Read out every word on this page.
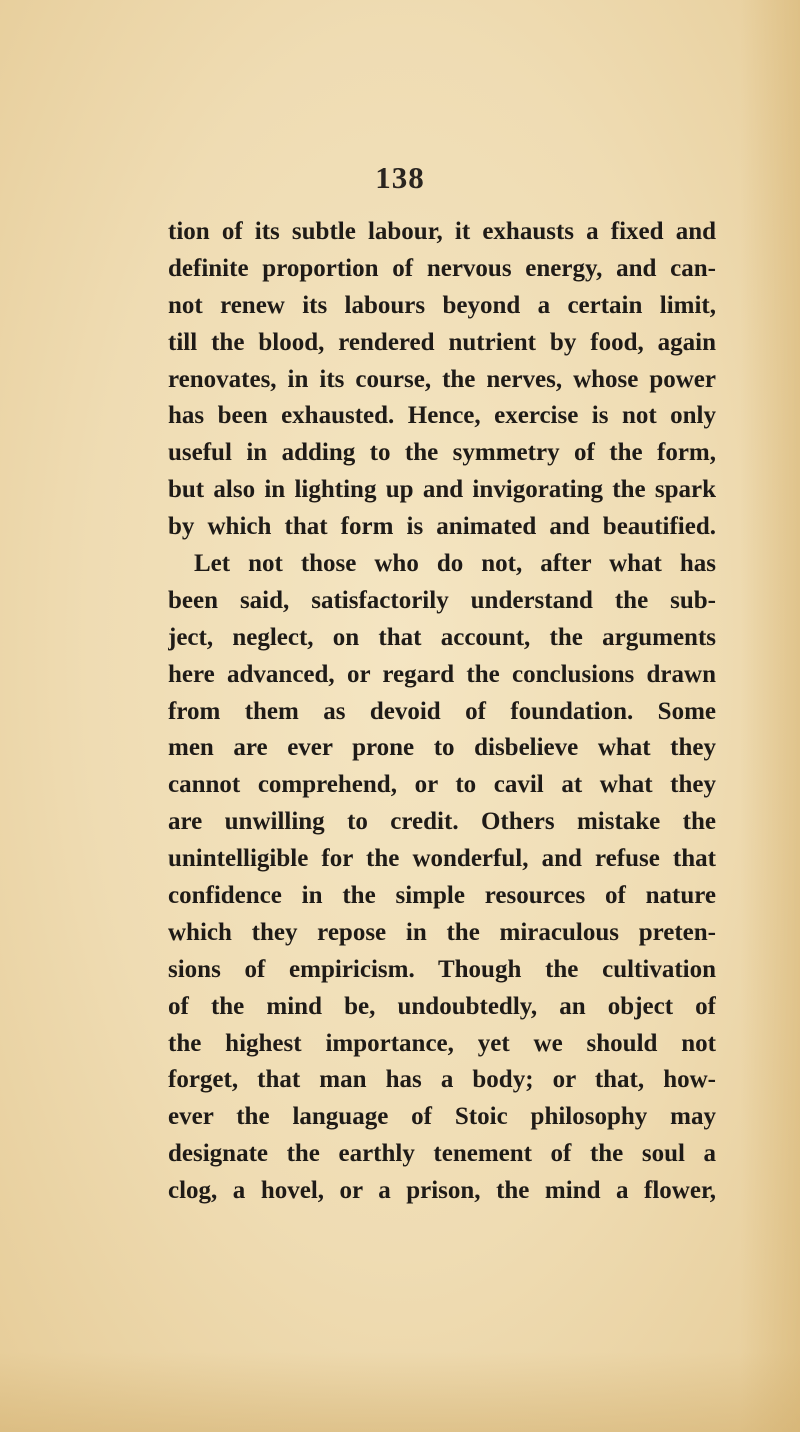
138
tion of its subtle labour, it exhausts a fixed and
definite proportion of nervous energy, and can-
not renew its labours beyond a certain limit,
till the blood, rendered nutrient by food, again
renovates, in its course, the nerves, whose power
has been exhausted. Hence, exercise is not only
useful in adding to the symmetry of the form,
but also in lighting up and invigorating the spark
by which that form is animated and beautified.
Let not those who do not, after what has
been said, satisfactorily understand the sub-
ject, neglect, on that account, the arguments
here advanced, or regard the conclusions drawn
from them as devoid of foundation. Some
men are ever prone to disbelieve what they
cannot comprehend, or to cavil at what they
are unwilling to credit. Others mistake the
unintelligible for the wonderful, and refuse that
confidence in the simple resources of nature
which they repose in the miraculous preten-
sions of empiricism. Though the cultivation
of the mind be, undoubtedly, an object of
the highest importance, yet we should not
forget, that man has a body; or that, how-
ever the language of Stoic philosophy may
designate the earthly tenement of the soul a
clog, a hovel, or a prison, the mind a flower,
